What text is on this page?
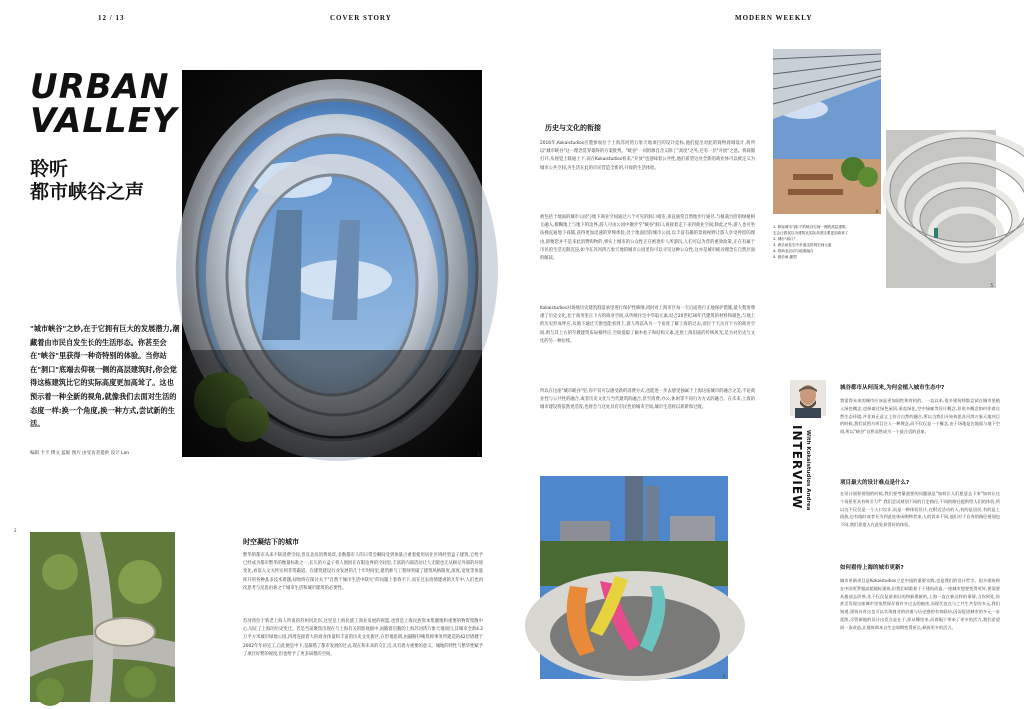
12 / 13	COVER STORY	MODERN WEEKLY
URBAN
VALLEY
聆听
都市峡谷之声
"城市峡谷"之妙,在于它拥有巨大的发展潜力,潮藏着由市民自发生长的生活形态。你甚至会在"峡谷"里获得一种奇特别的体验。当你站在"洞口"底端去仰视一侧的高层建筑时,你会觉得这栋建筑比它的实际高度更加高耸了。这也预示着一种全新的视角,就像我们去面对生活的态度一样:换一个角度,换一种方式,尝试新的生活。
编辑 卡卡 撰文 蓝妮 图片 由受访者提供 设计 Lan	1
历史与文化的衔接
2016年,Kokaistudios应邀参加位于上海苏河湾万象天地项目的设计竞标,他们提出对此的商物商城设计,将所以"城市峡谷"这一理念贯穿最终的方案批判。"峡谷"一词的源自含义除了"高度"之外,还有一层"开放"之意。将商圈打开,从视觉上联通上下,而在Kokaistudios看来,"开放"也意味着公共性,他们希望这处全新的商业体可以被定义为城市公共空间,为生活在此的市民营造全新的,开放的生活体验。
被包括于地面的城市公园与地下商业空间通过六个可见的洞口相连,垂直通常自然地步行通径,与植栽台阶的绿植相互融入,模糊地上与地下的边界,游人可由公园中散步至"峡谷"洞口,再接着走下来到商业空间;除此之外,游人也可坐扶梯直通地下商铺,获得更加迅速的穿梭体验,处于地面层的城市公园,以丰富有趣的景观视野让游人享受停留的理由,即便您并不是来此消费购物的,事实上城市的公众性正在被逐步人所游玩,人们可以为营的重效政策,正在有属于市民的生活无限沉浸,如今在苏河湾万象天地的城市公园里你可以寻见这种公众性,这亦是城市峡谷理念在自然层面的解读。
Kokaistudios对场地历史建筑群落承里进行保护性修缮,同时对上海市区每一天后面进行正地保护措施,最大程度尊重了历史文化,往于商务里正下方的商业空间,从传统住宅中萃取元素,结合20世纪30年代建筑的材料和颜色,与地上的历史形成呼应,从地下通过天窗也能看到上,游人得以从另一个角度了解上海的过去,而位于天岳宫下方的商业空间,则与其上方的至教建筑布局相呼应,空间提取了廊木柱子和结构元素,还原上海旧庙的传统风光,是为对历史与文化的另一种衍续。
所以在这座"城市峡谷"里,你不仅可以感受新的消费方式,也能进一步去感受独属于上海这座城市的融合之美,不论商业性与公共性的融合,或者历史文化与当代建筑的融合,甚至消费,办公,休闲等不同行为方式的融合。在未来,上海的城市建设将依然更活泼,也将会与这处具有市民性的城市空间,城市生活将以崭新和过渡。
4
5
1. 仰视城市"洞口"的峡谷空间一侧的高层建筑,
它会让我误以为建筑比实际高度还要更加高耸了
2. 城市"洞口"
3. 游乐场及空中步道由旧到空间元素
4. 将商业活动与地面融合
5. 游乐场 趣型
INTERVIEW With Kokaistudios Andrea
城谷都市从何而来,为何会植入城市生态中?
我觉得未来的城市应该是更加国性和有机的。一直以来,很多建筑师都尝试在城市里植入绿色概念,也探索过绿色屋顶,垂直绿化,空中绿廊等设计概念,但很多概念如何伴着自然生态环境,并非真正意义上符合自然的融合,所以当我们开始构思苏河湾万象天地项目的时候,我们试图为项目注入一种理念,而不仅仅是一个概念,由于场地是在地面与地下空间,所以"峡谷"自然而然成为一个最合适的意象。
项目最大的设计难点是什么?
在设计面积规划的时候,我们要考量重要的问题就是"如何让人们愿意去下来"如何让这个场景更具有吸引力?" 我们尝试规划不同的行走路径,不同的路径提供给人们的体验,所以这不仅仅是一个入口设计,而是一种体验设计,在附近活动的人,有的是居民,有的是上班族,也有临时或者专为到此处休闲购物者来,人的诉求不同,他们对于自身的路径规划也不同,我们希望人在此处获得好的体验。
如何看待上海的城市更新?
城市更新项目是Kokaistudios立足中国的重要实践,也是我们的设计哲学。很多建筑师在中国更罗超高超地标建筑,但我们却重着于于建筑改造,一座城市想要变得更好,要需要从根部去改善,先干仅仅是原来旧的和新建新的,上海一直在新这样的事情,当你到处,你甚至发现这座城市里依然保存着许多过去的痕迹,而现代也在与之共生共存的多元,我们知道,建筑具有这也可以实现商业的价值与历史感的有效联结,因而促进城市的多元一步延续,尽管新地的设计出发点是在于,你从哪里来,而着眼于带来了更多的活力,我们希望同一条改造,让建筑师本自生态周期变得更长,释放更多的活力。
2
时空凝结下的城市
繁华的都市从来不缺消费空间,但及北高消费场景,多数都市人的日常会瞬间受到体量占重着使用居住区域经型盒子建筑,它给予已经成为都市繁华的衡量标准之一,长久的方盒子将人围困在有限边界的空间里,丰富的内部活动让人无暇也无从顾记外部的环境变化,看似入文关怀实则非常霸道。在建筑建设行业发展的几十年时间里,建筑师与工程师突破了建筑风格限度,深度,宽度等体量挥开的各种基多技术难题,却始终在探讨关于"自然于城市生活中缺失"的问题上着效不下,而在过去疫情建虐的几年中,人们也再次思考与反思由新之于城市生活和城市建筑的必要性。
苏河湾位于新老上海人所说的苏州河北岸,这里是上海民族工商业发展的摇篮,也曾是上海民族资本集聚地和重要的物资集散中心,见证了上海的历史变迁。若是当前聚焦出现在与上海有关的影视剧中,而随着启動的上海苏河湾万象天地项目,其城市全新4.2万平方米城市绿地公园,四周连接着大的商业体量和丰富的历史文化街区,在形地思朗,由隔断抖峻筑师事务所建造的42层塔楼于2002年年初完工,自此便是中下,是凝塔了都市发展的过去,现在和未来的交汇点,具有着方重要的意义。城地的特性与繁华性赋予了项目好繁的视度,但也给予了更多研想的空间。
3
